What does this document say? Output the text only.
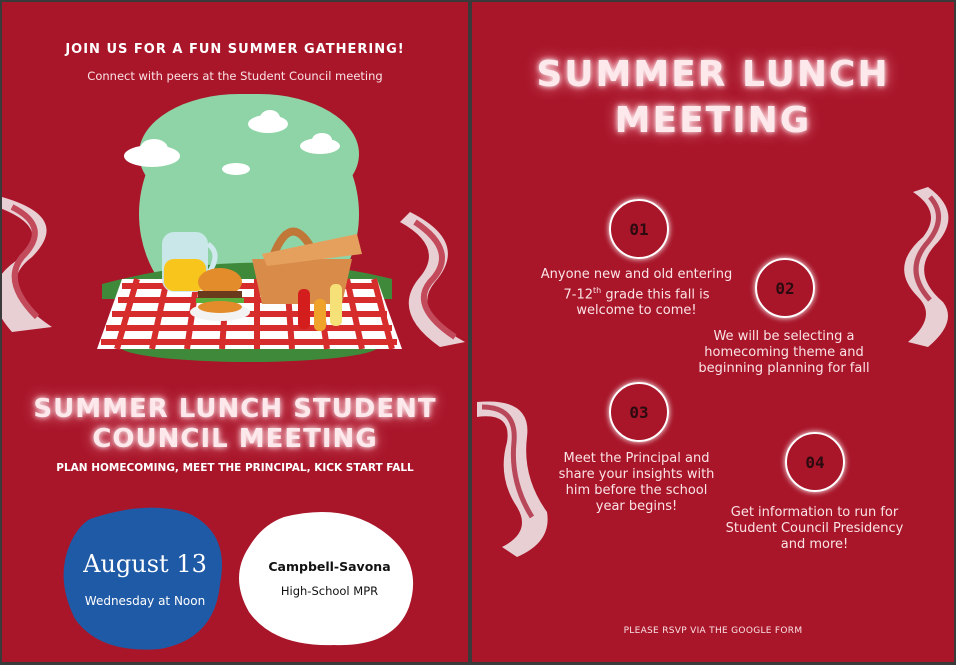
JOIN US FOR A FUN SUMMER GATHERING!
Connect with peers at the Student Council meeting
SUMMER LUNCH STUDENT
COUNCIL MEETING
PLAN HOMECOMING, MEET THE PRINCIPAL, KICK START FALL
August 13
Wednesday at Noon
Campbell-Savona
High-School MPR
SUMMER LUNCH
MEETING
01
Anyone new and old entering 7-12th grade this fall is welcome to come!
02
We will be selecting a homecoming theme and beginning planning for fall
03
Meet the Principal and share your insights with him before the school year begins!
04
Get information to run for Student Council Presidency and more!
PLEASE RSVP VIA THE GOOGLE FORM
